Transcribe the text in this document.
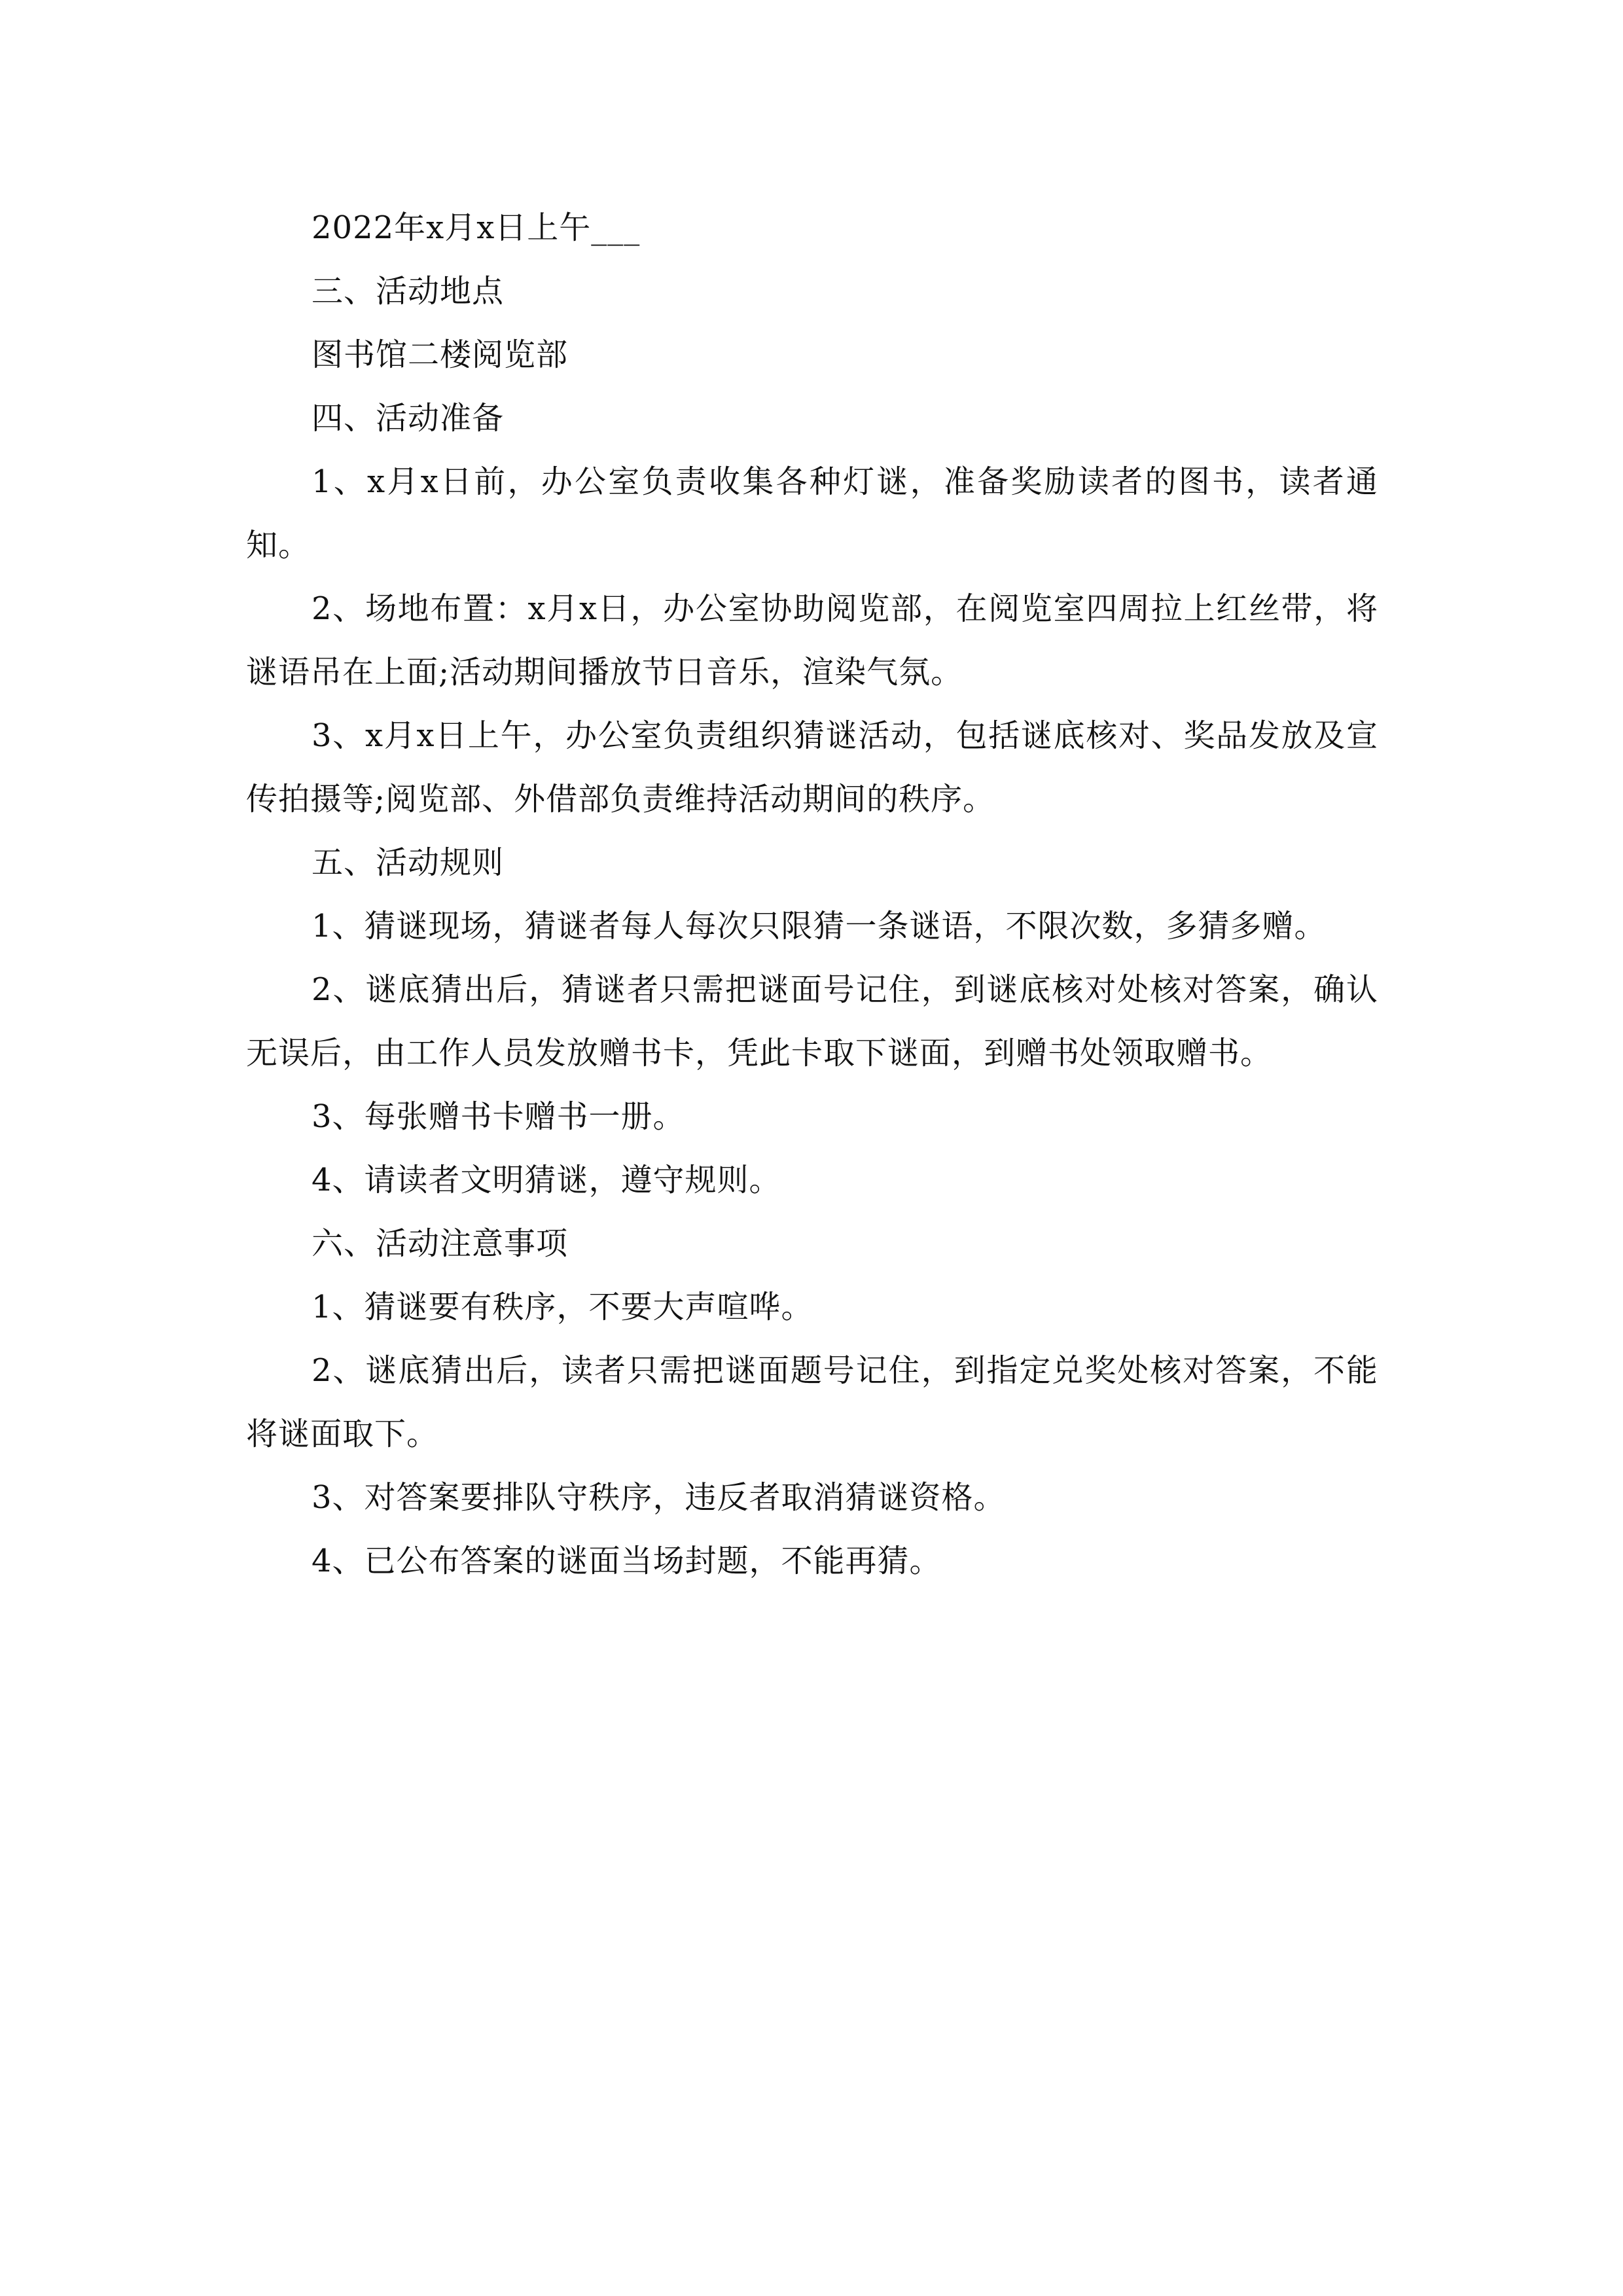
2022年x月x日上午___

三、活动地点

图书馆二楼阅览部

四、活动准备

1、x月x日前，办公室负责收集各种灯谜，准备奖励读者的图书，读者通知。

2、场地布置：x月x日，办公室协助阅览部，在阅览室四周拉上红丝带，将谜语吊在上面;活动期间播放节日音乐，渲染气氛。

3、x月x日上午，办公室负责组织猜谜活动，包括谜底核对、奖品发放及宣传拍摄等;阅览部、外借部负责维持活动期间的秩序。

五、活动规则

1、猜谜现场，猜谜者每人每次只限猜一条谜语，不限次数，多猜多赠。

2、谜底猜出后，猜谜者只需把谜面号记住，到谜底核对处核对答案，确认无误后，由工作人员发放赠书卡，凭此卡取下谜面，到赠书处领取赠书。

3、每张赠书卡赠书一册。

4、请读者文明猜谜，遵守规则。

六、活动注意事项

1、猜谜要有秩序，不要大声喧哗。

2、谜底猜出后，读者只需把谜面题号记住，到指定兑奖处核对答案，不能将谜面取下。

3、对答案要排队守秩序，违反者取消猜谜资格。

4、已公布答案的谜面当场封题，不能再猜。
